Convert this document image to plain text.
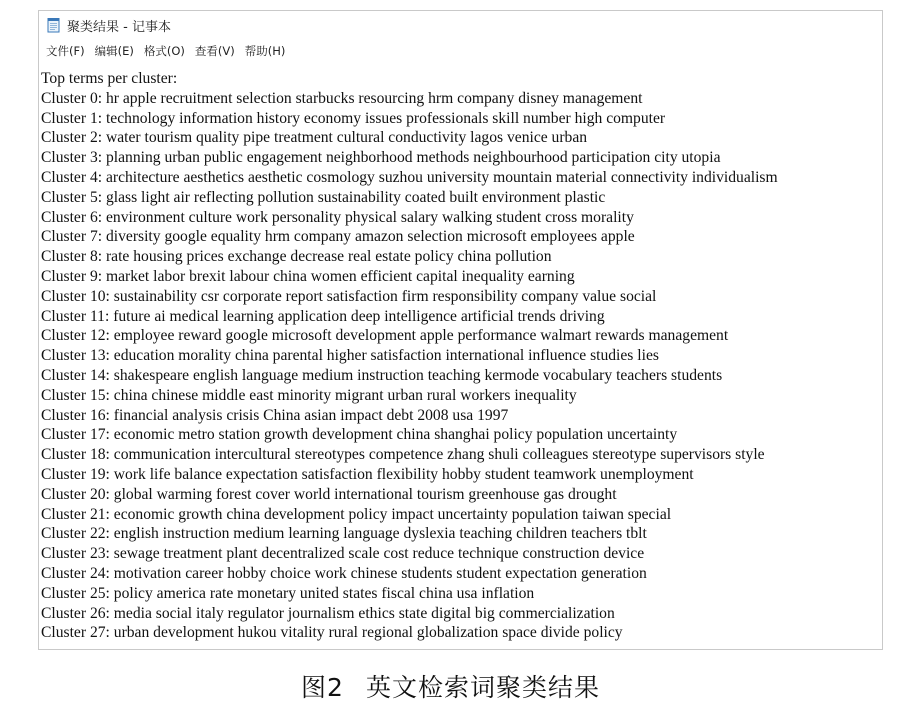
聚类结果 - 记事本
文件(F) 编辑(E) 格式(O) 查看(V) 帮助(H)
Top terms per cluster:
Cluster 0: hr apple recruitment selection starbucks resourcing hrm company disney management
Cluster 1: technology information history economy issues professionals skill number high computer
Cluster 2: water tourism quality pipe treatment cultural conductivity lagos venice urban
Cluster 3: planning urban public engagement neighborhood methods neighbourhood participation city utopia
Cluster 4: architecture aesthetics aesthetic cosmology suzhou university mountain material connectivity individualism
Cluster 5: glass light air reflecting pollution sustainability coated built environment plastic
Cluster 6: environment culture work personality physical salary walking student cross morality
Cluster 7: diversity google equality hrm company amazon selection microsoft employees apple
Cluster 8: rate housing prices exchange decrease real estate policy china pollution
Cluster 9: market labor brexit labour china women efficient capital inequality earning
Cluster 10: sustainability csr corporate report satisfaction firm responsibility company value social
Cluster 11: future ai medical learning application deep intelligence artificial trends driving
Cluster 12: employee reward google microsoft development apple performance walmart rewards management
Cluster 13: education morality china parental higher satisfaction international influence studies lies
Cluster 14: shakespeare english language medium instruction teaching kermode vocabulary teachers students
Cluster 15: china chinese middle east minority migrant urban rural workers inequality
Cluster 16: financial analysis crisis China asian impact debt 2008 usa 1997
Cluster 17: economic metro station growth development china shanghai policy population uncertainty
Cluster 18: communication intercultural stereotypes competence zhang shuli colleagues stereotype supervisors style
Cluster 19: work life balance expectation satisfaction flexibility hobby student teamwork unemployment
Cluster 20: global warming forest cover world international tourism greenhouse gas drought
Cluster 21: economic growth china development policy impact uncertainty population taiwan special
Cluster 22: english instruction medium learning language dyslexia teaching children teachers tblt
Cluster 23: sewage treatment plant decentralized scale cost reduce technique construction device
Cluster 24: motivation career hobby choice work chinese students student expectation generation
Cluster 25: policy america rate monetary united states fiscal china usa inflation
Cluster 26: media social italy regulator journalism ethics state digital big commercialization
Cluster 27: urban development hukou vitality rural regional globalization space divide policy
图2 英文检索词聚类结果
